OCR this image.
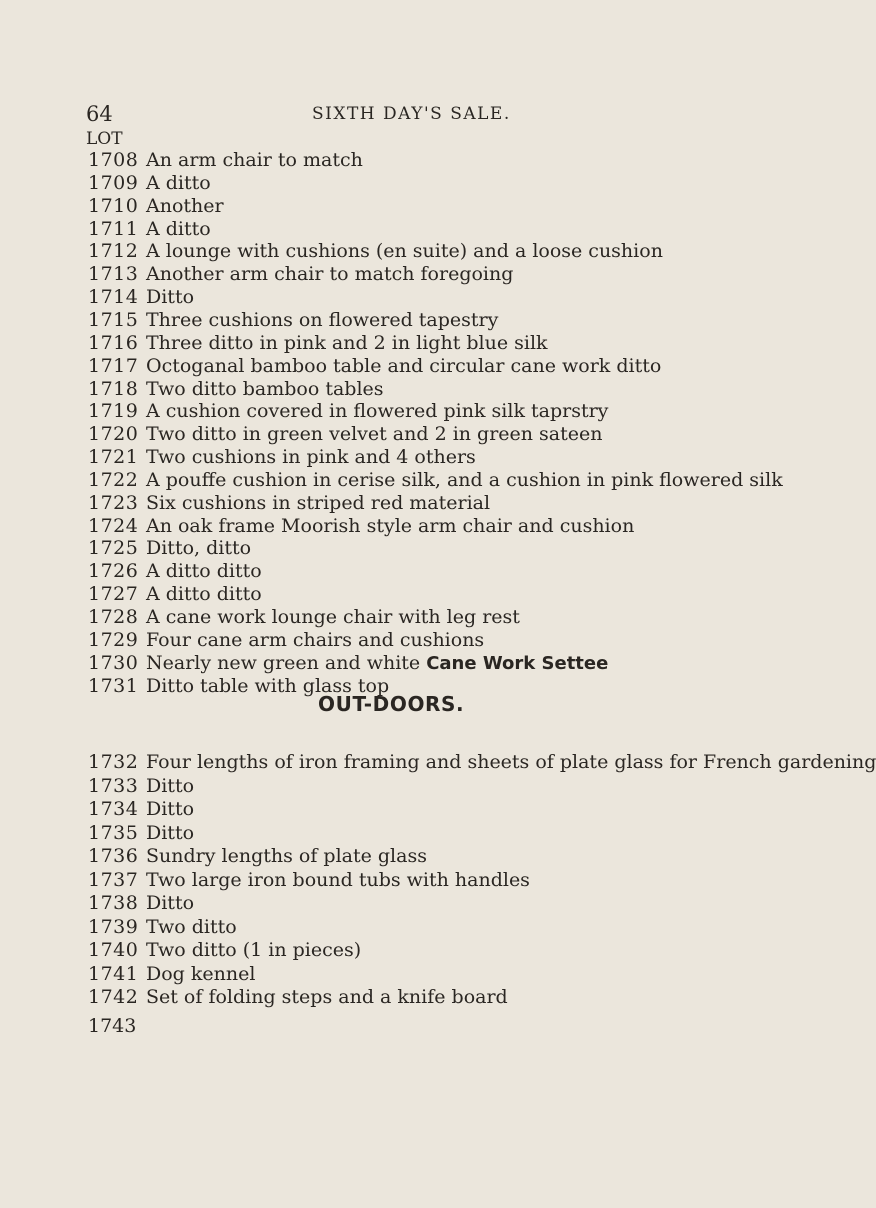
64	SIXTH DAY'S SALE.
LOT
1708 An arm chair to match
1709 A ditto
1710 Another
1711 A ditto
1712 A lounge with cushions (en suite) and a loose cushion
1713 Another arm chair to match foregoing
1714 Ditto
1715 Three cushions on flowered tapestry
1716 Three ditto in pink and 2 in light blue silk
1717 Octoganal bamboo table and circular cane work ditto
1718 Two ditto bamboo tables
1719 A cushion covered in flowered pink silk taprstry
1720 Two ditto in green velvet and 2 in green sateen
1721 Two cushions in pink and 4 others
1722 A pouffe cushion in cerise silk, and a cushion in pink flowered silk
1723 Six cushions in striped red material
1724 An oak frame Moorish style arm chair and cushion
1725 Ditto, ditto
1726 A ditto ditto
1727 A ditto ditto
1728 A cane work lounge chair with leg rest
1729 Four cane arm chairs and cushions
1730 Nearly new green and white Cane Work Settee
1731 Ditto table with glass top
OUT-DOORS.
1732 Four lengths of iron framing and sheets of plate glass for French gardening
1733 Ditto
1734 Ditto
1735 Ditto
1736 Sundry lengths of plate glass
1737 Two large iron bound tubs with handles
1738 Ditto
1739 Two ditto
1740 Two ditto (1 in pieces)
1741 Dog kennel
1742 Set of folding steps and a knife board
1743
